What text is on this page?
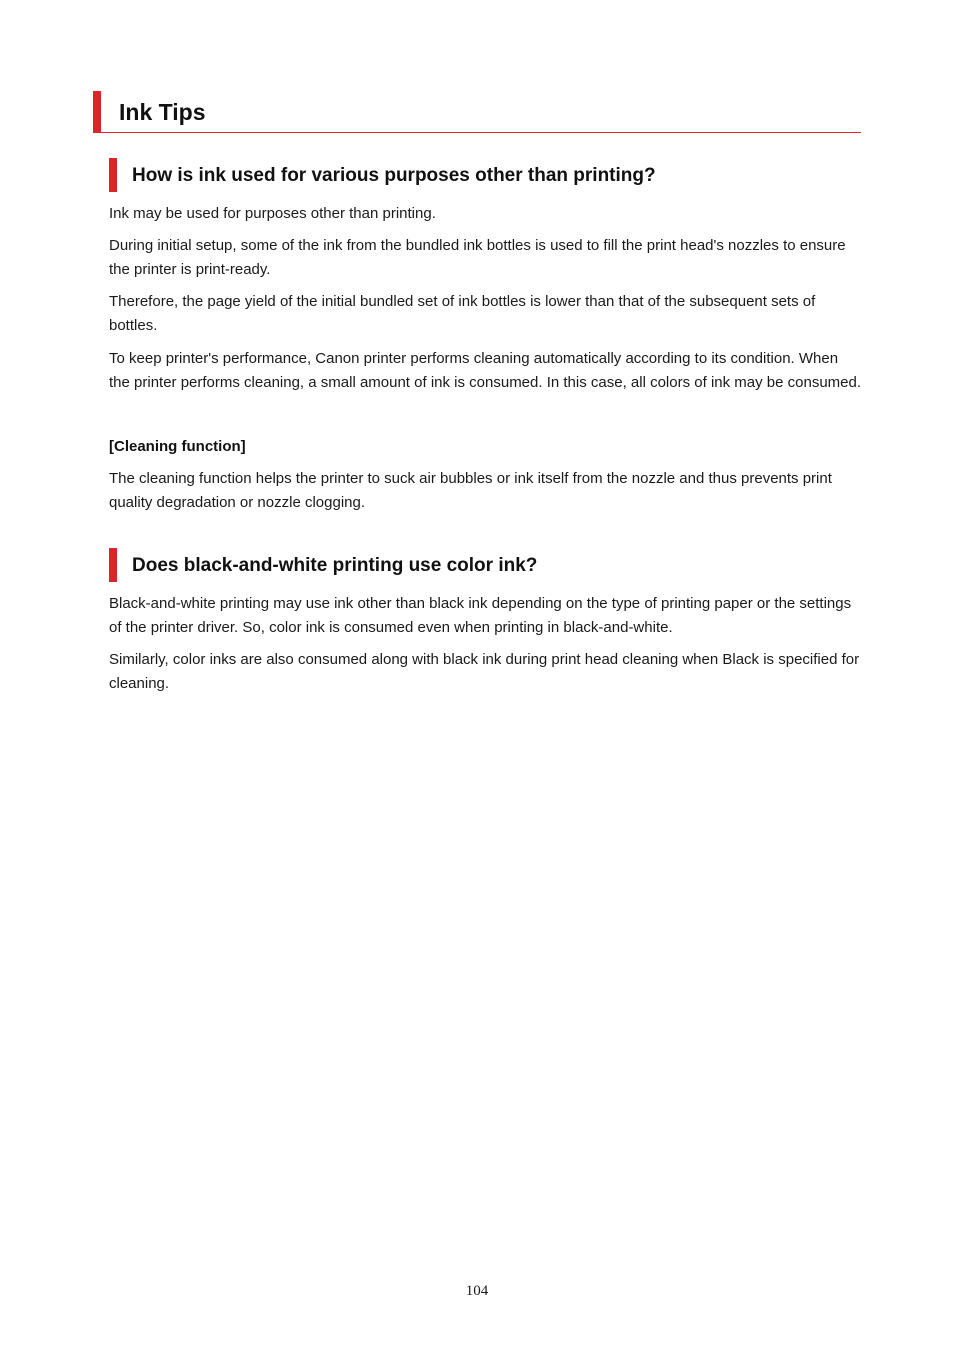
Ink Tips
How is ink used for various purposes other than printing?

Ink may be used for purposes other than printing.

During initial setup, some of the ink from the bundled ink bottles is used to fill the print head's nozzles to ensure the printer is print-ready.

Therefore, the page yield of the initial bundled set of ink bottles is lower than that of the subsequent sets of bottles.

To keep printer's performance, Canon printer performs cleaning automatically according to its condition. When the printer performs cleaning, a small amount of ink is consumed. In this case, all colors of ink may be consumed.

[Cleaning function]

The cleaning function helps the printer to suck air bubbles or ink itself from the nozzle and thus prevents print quality degradation or nozzle clogging.

Does black-and-white printing use color ink?

Black-and-white printing may use ink other than black ink depending on the type of printing paper or the settings of the printer driver. So, color ink is consumed even when printing in black-and-white.

Similarly, color inks are also consumed along with black ink during print head cleaning when Black is specified for cleaning.

104
